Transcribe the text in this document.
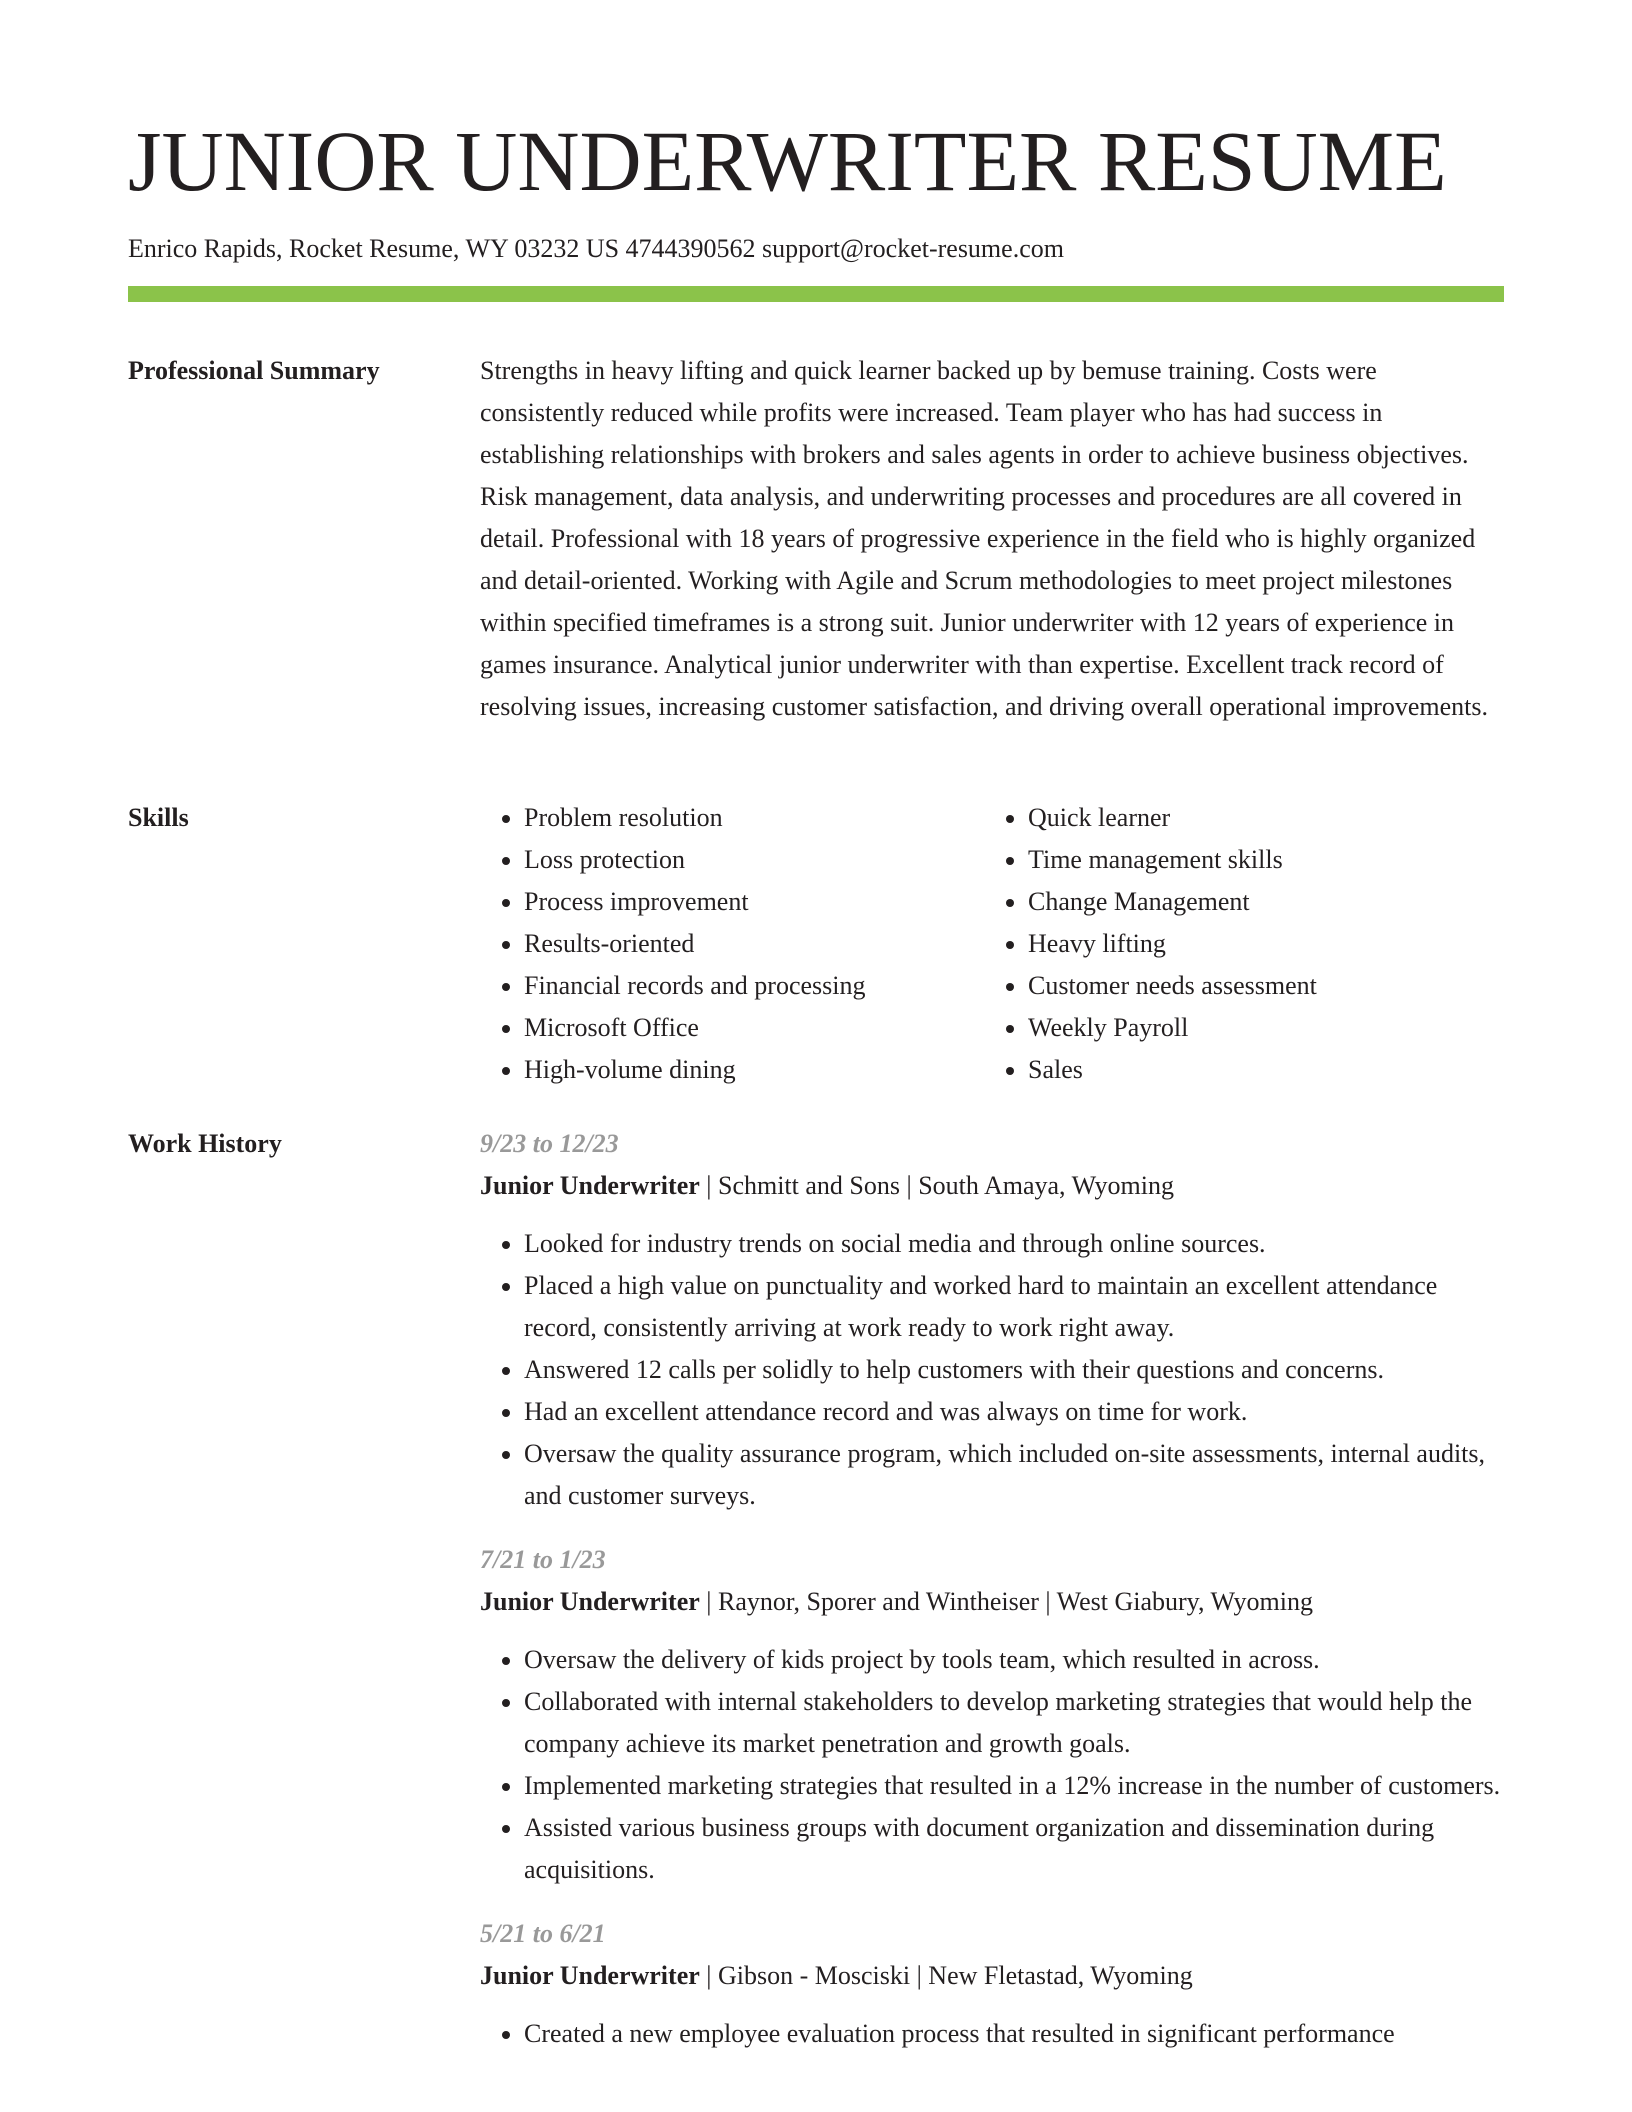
JUNIOR UNDERWRITER RESUME
Enrico Rapids, Rocket Resume, WY 03232 US 4744390562 support@rocket-resume.com
Professional Summary	Strengths in heavy lifting and quick learner backed up by bemuse training. Costs were consistently reduced while profits were increased. Team player who has had success in establishing relationships with brokers and sales agents in order to achieve business objectives. Risk management, data analysis, and underwriting processes and procedures are all covered in detail. Professional with 18 years of progressive experience in the field who is highly organized and detail-oriented. Working with Agile and Scrum methodologies to meet project milestones within specified timeframes is a strong suit. Junior underwriter with 12 years of experience in games insurance. Analytical junior underwriter with than expertise. Excellent track record of resolving issues, increasing customer satisfaction, and driving overall operational improvements.

Skills
•	Problem resolution
• Loss protection
• Process improvement
• Results-oriented
• Financial records and processing
• Microsoft Office
• High-volume dining
• Quick learner
• Time management skills
• Change Management
• Heavy lifting
• Customer needs assessment
• Weekly Payroll
• Sales
Work History	9/23 to 12/23
Junior Underwriter | Schmitt and Sons | South Amaya, Wyoming
• Looked for industry trends on social media and through online sources.
• Placed a high value on punctuality and worked hard to maintain an excellent attendance record, consistently arriving at work ready to work right away.
• Answered 12 calls per solidly to help customers with their questions and concerns.
• Had an excellent attendance record and was always on time for work.
• Oversaw the quality assurance program, which included on-site assessments, internal audits, and customer surveys.
7/21 to 1/23
Junior Underwriter | Raynor, Sporer and Wintheiser | West Giabury, Wyoming
• Oversaw the delivery of kids project by tools team, which resulted in across.
• Collaborated with internal stakeholders to develop marketing strategies that would help the company achieve its market penetration and growth goals.
• Implemented marketing strategies that resulted in a 12% increase in the number of customers.
• Assisted various business groups with document organization and dissemination during acquisitions.
5/21 to 6/21
Junior Underwriter | Gibson - Mosciski | New Fletastad, Wyoming
• Created a new employee evaluation process that resulted in significant performance
